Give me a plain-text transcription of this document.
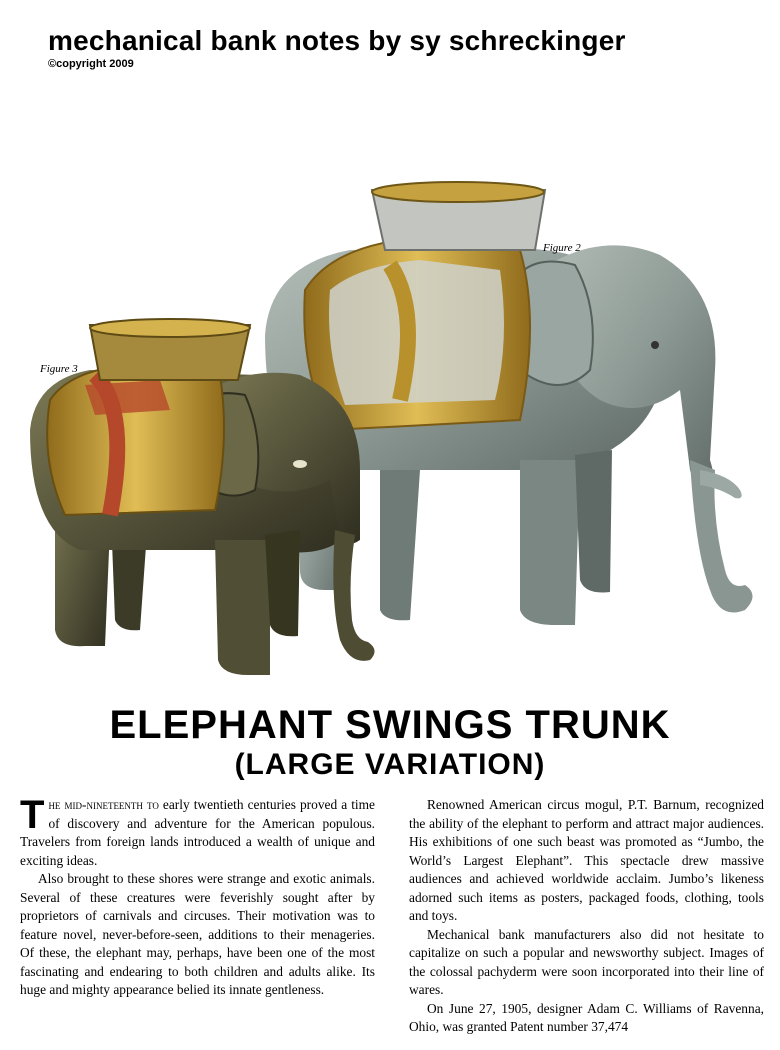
mechanical bank notes by sy schreckinger
©copyright 2009
Figure 2
Figure 3
ELEPHANT SWINGS TRUNK
(LARGE VARIATION)

The mid-nineteenth to early twentieth centuries proved a time of discovery and adventure for the American populous. Travelers from foreign lands introduced a wealth of unique and exciting ideas.

Also brought to these shores were strange and exotic animals. Several of these creatures were feverishly sought after by proprietors of carnivals and circuses. Their motivation was to feature novel, never-before-seen, additions to their menageries. Of these, the elephant may, perhaps, have been one of the most fascinating and endearing to both children and adults alike. Its huge and mighty appearance belied its innate gentleness.

Renowned American circus mogul, P.T. Barnum, recognized the ability of the elephant to perform and attract major audiences. His exhibitions of one such beast was promoted as “Jumbo, the World’s Largest Elephant”. This spectacle drew massive audiences and achieved worldwide acclaim. Jumbo’s likeness adorned such items as posters, packaged foods, clothing, tools and toys.

Mechanical bank manufacturers also did not hesitate to capitalize on such a popular and newsworthy subject. Images of the colossal pachyderm were soon incorporated into their line of wares.

On June 27, 1905, designer Adam C. Williams of Ravenna, Ohio, was granted Patent number 37,474
